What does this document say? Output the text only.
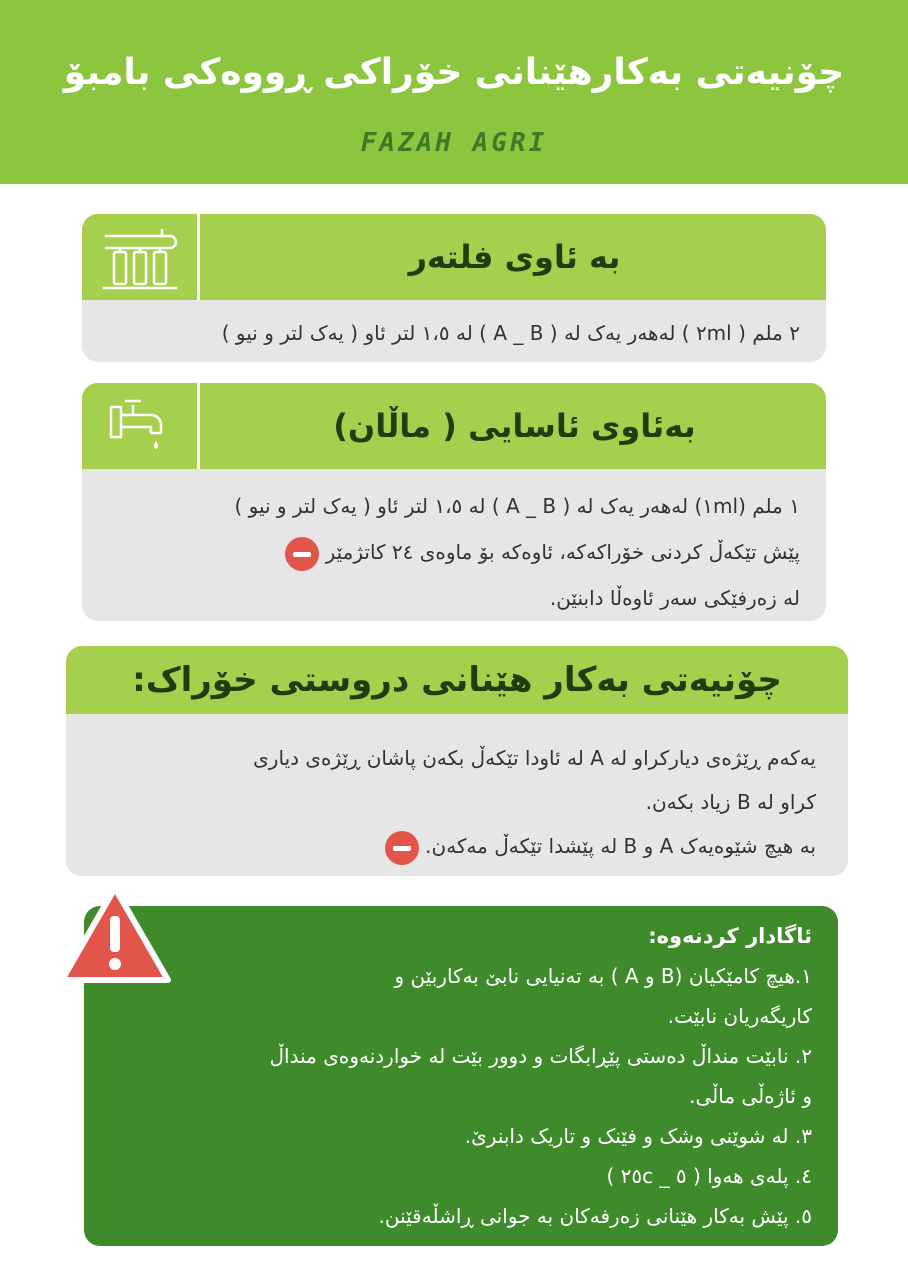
چۆنیەتی بەکارهێنانی خۆراکی ڕووەکی بامبۆ
FAZAH AGRI
بە ئاوی فلتەر
٢ ملم ( ٢ml ) لەهەر یەک لە ( A _ B ) لە ١،٥ لتر ئاو ( یەک لتر و نیو )
بەئاوی ئاسایی ( ماڵان)
١ ملم (١ml) لەهەر یەک لە ( A _ B ) لە ١،٥ لتر ئاو ( یەک لتر و نیو )
پێش تێکەڵ کردنی خۆراکەکە، ئاوەکە بۆ ماوەی ٢٤ کاتژمێر
لە زەرفێکی سەر ئاوەڵا دابنێن.
چۆنیەتی بەکار هێنانی دروستی خۆراک:
یەکەم ڕێژەی دیارکراو لە A لە ئاودا تێکەڵ بکەن پاشان ڕێژەی دیاری
کراو لە B زیاد بکەن.
بە هیچ شێوەیەک A و B لە پێشدا تێکەڵ مەکەن.
ئاگادار کردنەوە:
١.هیچ کامێکیان (B و A ) بە تەنیایی نابێ بەکاربێن و
کاریگەریان نابێت.
٢. نابێت منداڵ دەستی پێڕابگات و دوور بێت لە خواردنەوەی منداڵ
و ئاژەڵی ماڵی.
٣. لە شوێنی وشک و فێنک و تاریک دابنرێ.
٤. پلەی هەوا ( ٥ _ ٢٥c )
٥. پێش بەکار هێنانی زەرفەکان بە جوانی ڕاشڵەقێنن.
